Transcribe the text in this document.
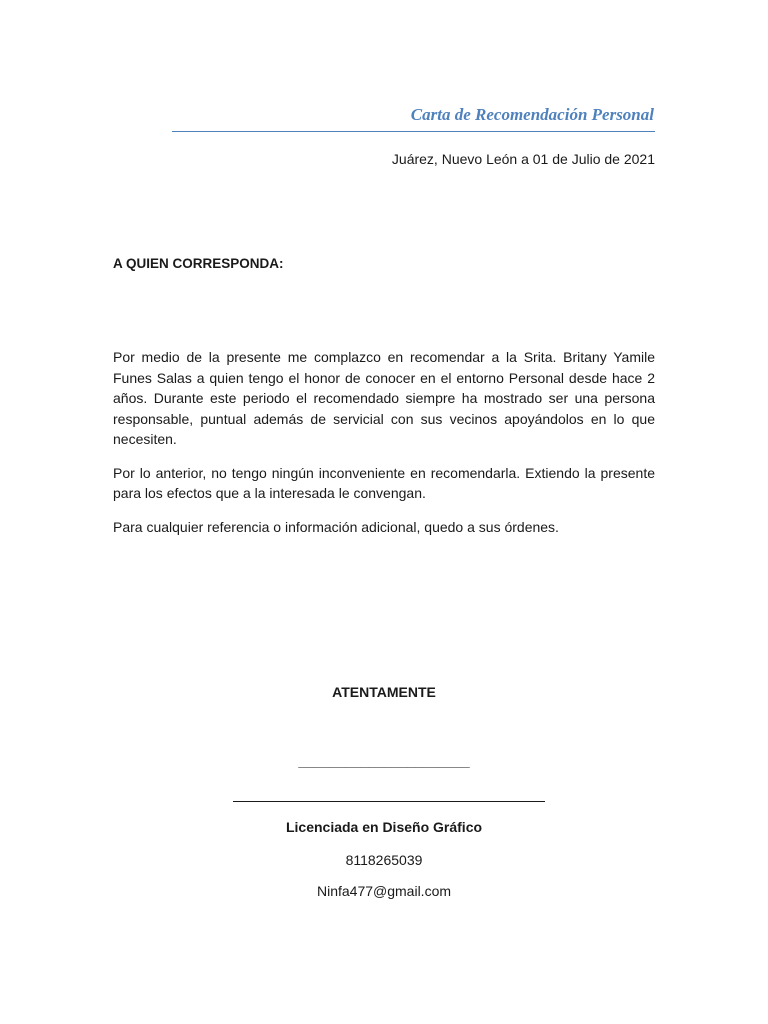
Carta de Recomendación Personal
Juárez, Nuevo León a 01 de Julio de 2021
A QUIEN CORRESPONDA:

Por medio de la presente me complazco en recomendar a la Srita. Britany Yamile Funes Salas a quien tengo el honor de conocer en el entorno Personal desde hace 2 años. Durante este periodo el recomendado siempre ha mostrado ser una persona responsable, puntual además de servicial con sus vecinos apoyándolos en lo que necesiten.

Por lo anterior, no tengo ningún inconveniente en recomendarla. Extiendo la presente para los efectos que a la interesada le convengan.

Para cualquier referencia o información adicional, quedo a sus órdenes.

ATENTAMENTE
______________________
Licenciada en Diseño Gráfico
8118265039
Ninfa477@gmail.com
